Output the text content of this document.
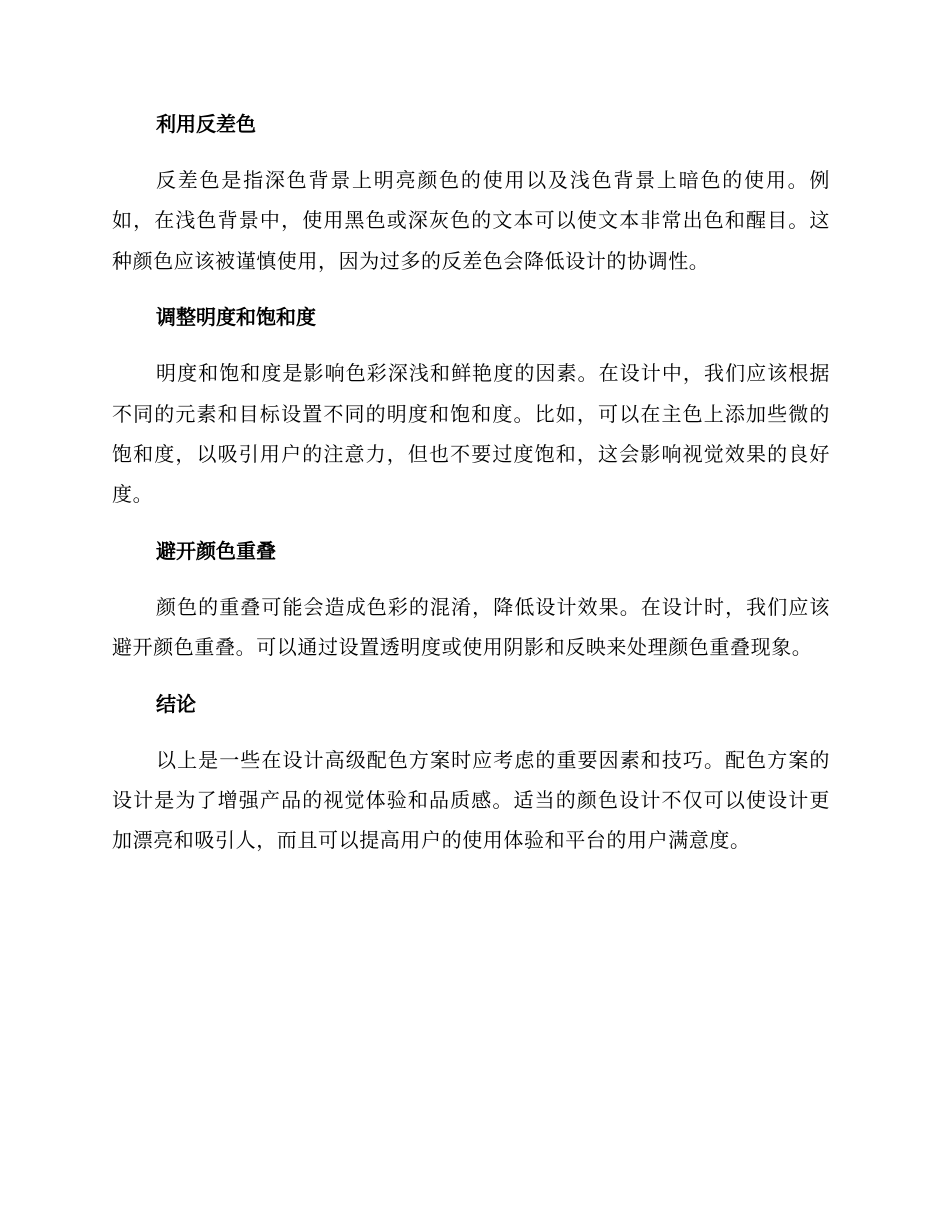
利用反差色

反差色是指深色背景上明亮颜色的使用以及浅色背景上暗色的使用。例如，在浅色背景中，使用黑色或深灰色的文本可以使文本非常出色和醒目。这种颜色应该被谨慎使用，因为过多的反差色会降低设计的协调性。

调整明度和饱和度

明度和饱和度是影响色彩深浅和鲜艳度的因素。在设计中，我们应该根据不同的元素和目标设置不同的明度和饱和度。比如，可以在主色上添加些微的饱和度，以吸引用户的注意力，但也不要过度饱和，这会影响视觉效果的良好度。

避开颜色重叠

颜色的重叠可能会造成色彩的混淆，降低设计效果。在设计时，我们应该避开颜色重叠。可以通过设置透明度或使用阴影和反映来处理颜色重叠现象。

结论

以上是一些在设计高级配色方案时应考虑的重要因素和技巧。配色方案的设计是为了增强产品的视觉体验和品质感。适当的颜色设计不仅可以使设计更加漂亮和吸引人，而且可以提高用户的使用体验和平台的用户满意度。
